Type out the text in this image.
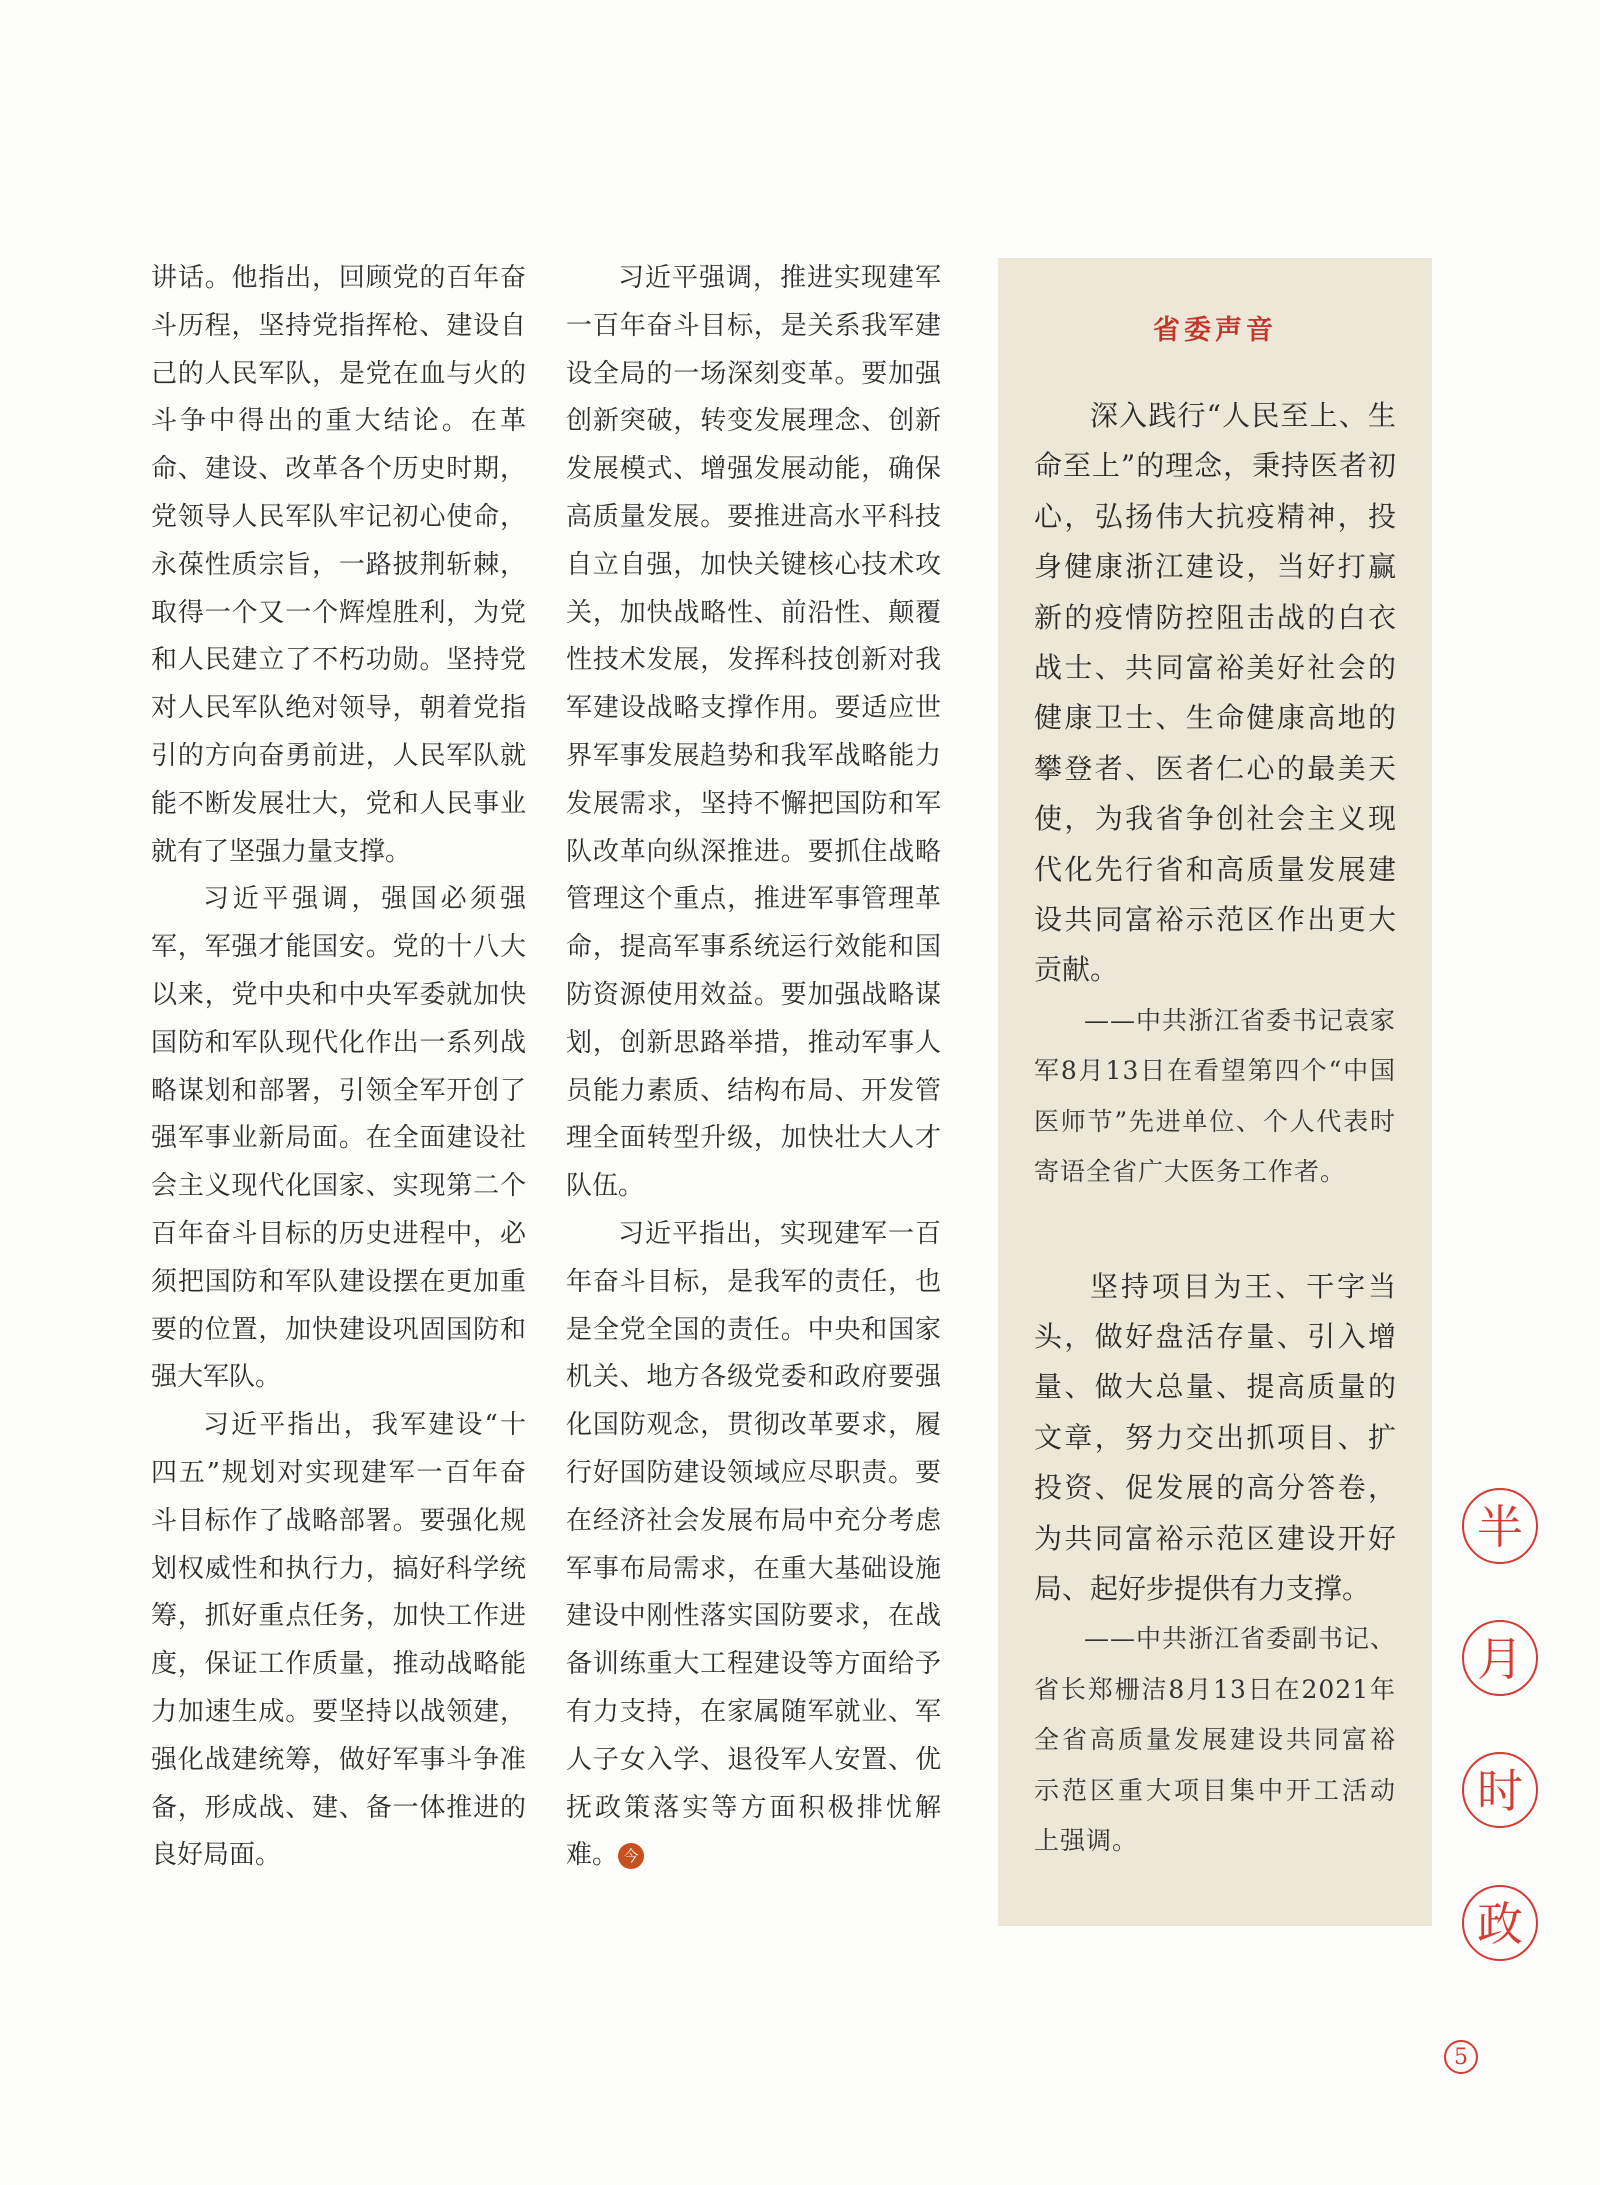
讲话。他指出，回顾党的百年奋斗历程，坚持党指挥枪、建设自己的人民军队，是党在血与火的斗争中得出的重大结论。在革命、建设、改革各个历史时期，党领导人民军队牢记初心使命，永葆性质宗旨，一路披荆斩棘，取得一个又一个辉煌胜利，为党和人民建立了不朽功勋。坚持党对人民军队绝对领导，朝着党指引的方向奋勇前进，人民军队就能不断发展壮大，党和人民事业就有了坚强力量支撑。

习近平强调，强国必须强军，军强才能国安。党的十八大以来，党中央和中央军委就加快国防和军队现代化作出一系列战略谋划和部署，引领全军开创了强军事业新局面。在全面建设社会主义现代化国家、实现第二个百年奋斗目标的历史进程中，必须把国防和军队建设摆在更加重要的位置，加快建设巩固国防和强大军队。

习近平指出，我军建设“十四五”规划对实现建军一百年奋斗目标作了战略部署。要强化规划权威性和执行力，搞好科学统筹，抓好重点任务，加快工作进度，保证工作质量，推动战略能力加速生成。要坚持以战领建，强化战建统筹，做好军事斗争准备，形成战、建、备一体推进的良好局面。

习近平强调，推进实现建军一百年奋斗目标，是关系我军建设全局的一场深刻变革。要加强创新突破，转变发展理念、创新发展模式、增强发展动能，确保高质量发展。要推进高水平科技自立自强，加快关键核心技术攻关，加快战略性、前沿性、颠覆性技术发展，发挥科技创新对我军建设战略支撑作用。要适应世界军事发展趋势和我军战略能力发展需求，坚持不懈把国防和军队改革向纵深推进。要抓住战略管理这个重点，推进军事管理革命，提高军事系统运行效能和国防资源使用效益。要加强战略谋划，创新思路举措，推动军事人员能力素质、结构布局、开发管理全面转型升级，加快壮大人才队伍。

习近平指出，实现建军一百年奋斗目标，是我军的责任，也是全党全国的责任。中央和国家机关、地方各级党委和政府要强化国防观念，贯彻改革要求，履行好国防建设领域应尽职责。要在经济社会发展布局中充分考虑军事布局需求，在重大基础设施建设中刚性落实国防要求，在战备训练重大工程建设等方面给予有力支持，在家属随军就业、军人子女入学、退役军人安置、优抚政策落实等方面积极排忧解难。 今

省委声音

深入践行“人民至上、生命至上”的理念，秉持医者初心，弘扬伟大抗疫精神，投身健康浙江建设，当好打赢新的疫情防控阻击战的白衣战士、共同富裕美好社会的健康卫士、生命健康高地的攀登者、医者仁心的最美天使，为我省争创社会主义现代化先行省和高质量发展建设共同富裕示范区作出更大贡献。

——中共浙江省委书记袁家军8月13日在看望第四个“中国医师节”先进单位、个人代表时寄语全省广大医务工作者。

坚持项目为王、干字当头，做好盘活存量、引入增量、做大总量、提高质量的文章，努力交出抓项目、扩投资、促发展的高分答卷，为共同富裕示范区建设开好局、起好步提供有力支撑。

——中共浙江省委副书记、省长郑栅洁8月13日在2021年全省高质量发展建设共同富裕示范区重大项目集中开工活动上强调。

半
月
时
政
5
